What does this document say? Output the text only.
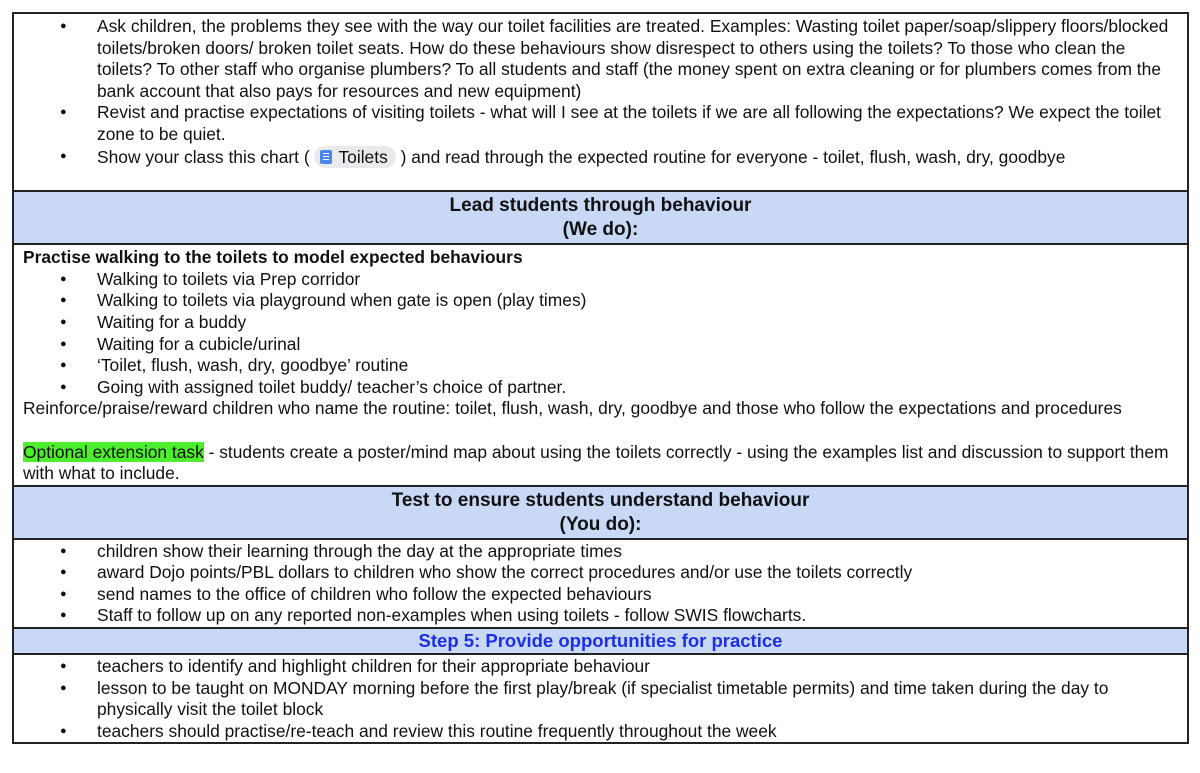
● Ask children, the problems they see with the way our toilet facilities are treated. Examples: Wasting toilet paper/soap/slippery floors/blocked toilets/broken doors/ broken toilet seats. How do these behaviours show disrespect to others using the toilets? To those who clean the toilets? To other staff who organise plumbers? To all students and staff (the money spent on extra cleaning or for plumbers comes from the bank account that also pays for resources and new equipment)
● Revist and practise expectations of visiting toilets - what will I see at the toilets if we are all following the expectations? We expect the toilet zone to be quiet.
● Show your class this chart ( Toilets ) and read through the expected routine for everyone - toilet, flush, wash, dry, goodbye
Lead students through behaviour
(We do):
Practise walking to the toilets to model expected behaviours
● Walking to toilets via Prep corridor
● Walking to toilets via playground when gate is open (play times)
● Waiting for a buddy
● Waiting for a cubicle/urinal
● ‘Toilet, flush, wash, dry, goodbye’ routine
● Going with assigned toilet buddy/ teacher’s choice of partner.
Reinforce/praise/reward children who name the routine: toilet, flush, wash, dry, goodbye and those who follow the expectations and procedures
Optional extension task - students create a poster/mind map about using the toilets correctly - using the examples list and discussion to support them with what to include.
Test to ensure students understand behaviour
(You do):
● children show their learning through the day at the appropriate times
● award Dojo points/PBL dollars to children who show the correct procedures and/or use the toilets correctly
● send names to the office of children who follow the expected behaviours
● Staff to follow up on any reported non-examples when using toilets - follow SWIS flowcharts.
Step 5: Provide opportunities for practice
● teachers to identify and highlight children for their appropriate behaviour
● lesson to be taught on MONDAY morning before the first play/break (if specialist timetable permits) and time taken during the day to physically visit the toilet block
● teachers should practise/re-teach and review this routine frequently throughout the week
